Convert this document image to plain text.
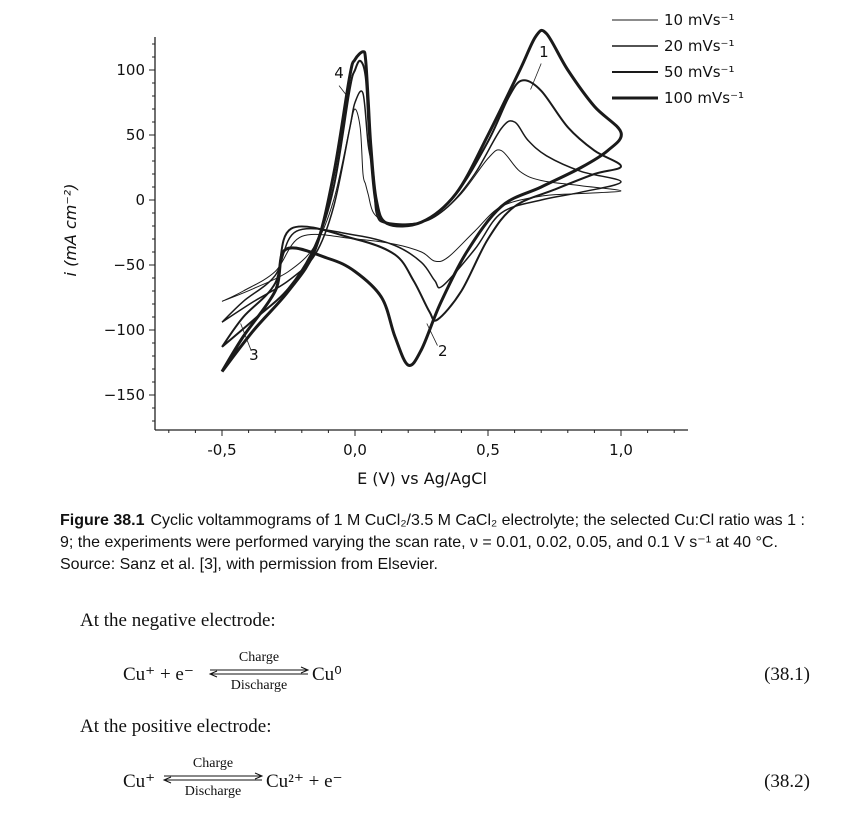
100
50
0
−50
−100
−150
-0,5	0,0	0,5	1,0
1
2
3
4
10 mVs⁻¹
20 mVs⁻¹
50 mVs⁻¹
100 mVs⁻¹
E (V) vs Ag/AgCl
i (mA cm⁻²)
Figure 38.1 Cyclic voltammograms of 1 M CuCl₂/3.5 M CaCl₂ electrolyte; the selected Cu:Cl ratio was 1 : 9; the experiments were performed varying the scan rate, ν = 0.01, 0.02, 0.05, and 0.1 V s⁻¹ at 40 °C. Source: Sanz et al. [3], with permission from Elsevier.
At the negative electrode:
Cu⁺ + e⁻
Charge
Discharge
Cu⁰	(38.1)
At the positive electrode:
Cu⁺
Charge
Discharge	Cu²⁺ + e⁻	(38.2)
